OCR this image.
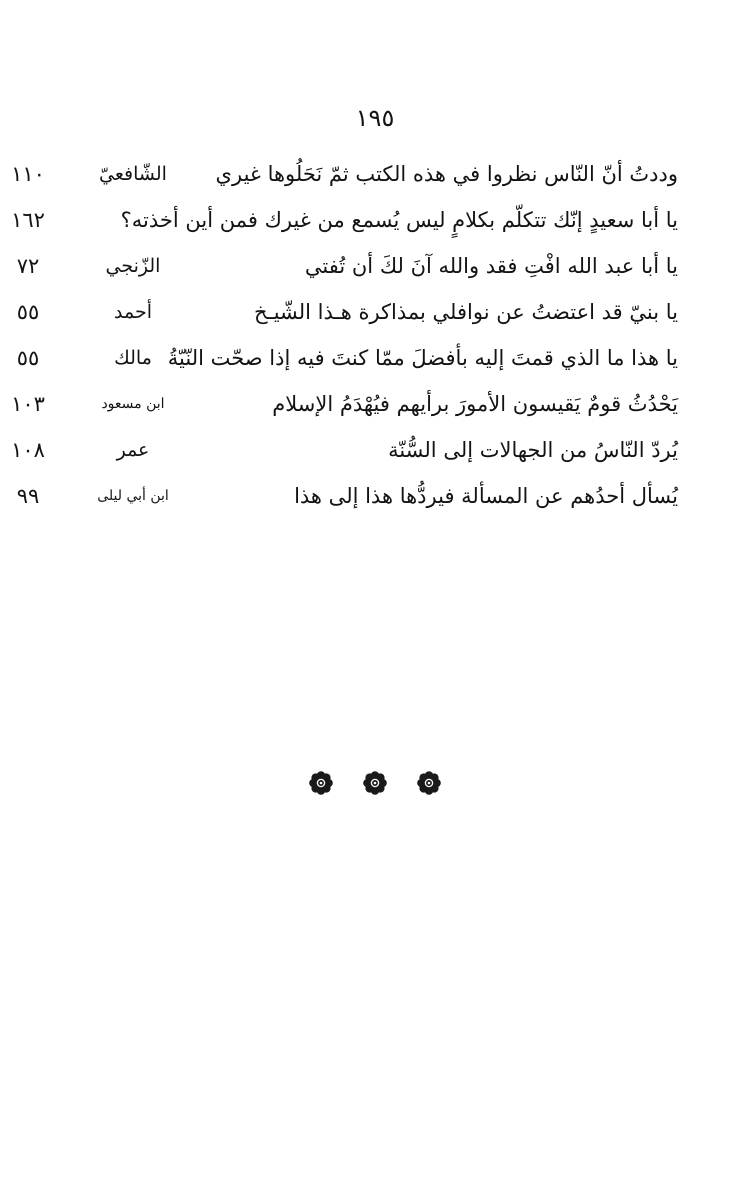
١٩٥
وددتُ أنّ النّاس نظروا في هذه الكتب ثمّ نَحَلُوها غيري
الشّافعيّ
١١٠
يا أبا سعيدٍ إنّك تتكلّم بكلامٍ ليس يُسمع من غيرك فمن أين أخذته؟
١٦٢
يا أبا عبد الله افْتِ فقد والله آنَ لكَ أن تُفتي
الزّنجي
٧٢
يا بنيّ قد اعتضتُ عن نوافلي بمذاكرة هـذا الشّيـخ
أحمد
٥٥
يا هذا ما الذي قمتَ إليه بأفضلَ ممّا كنتَ فيه إذا صحّت النّيّةُ
مالك
٥٥
يَحْدُثُ قومٌ يَقيسون الأمورَ برأيهم فيُهْدَمُ الإسلام
ابن مسعود
١٠٣
يُردّ النّاسُ من الجهالات إلى السُّنّة
عمر
١٠٨
يُسأل أحدُهم عن المسألة فيردُّها هذا إلى هذا
ابن أبي ليلى
٩٩
